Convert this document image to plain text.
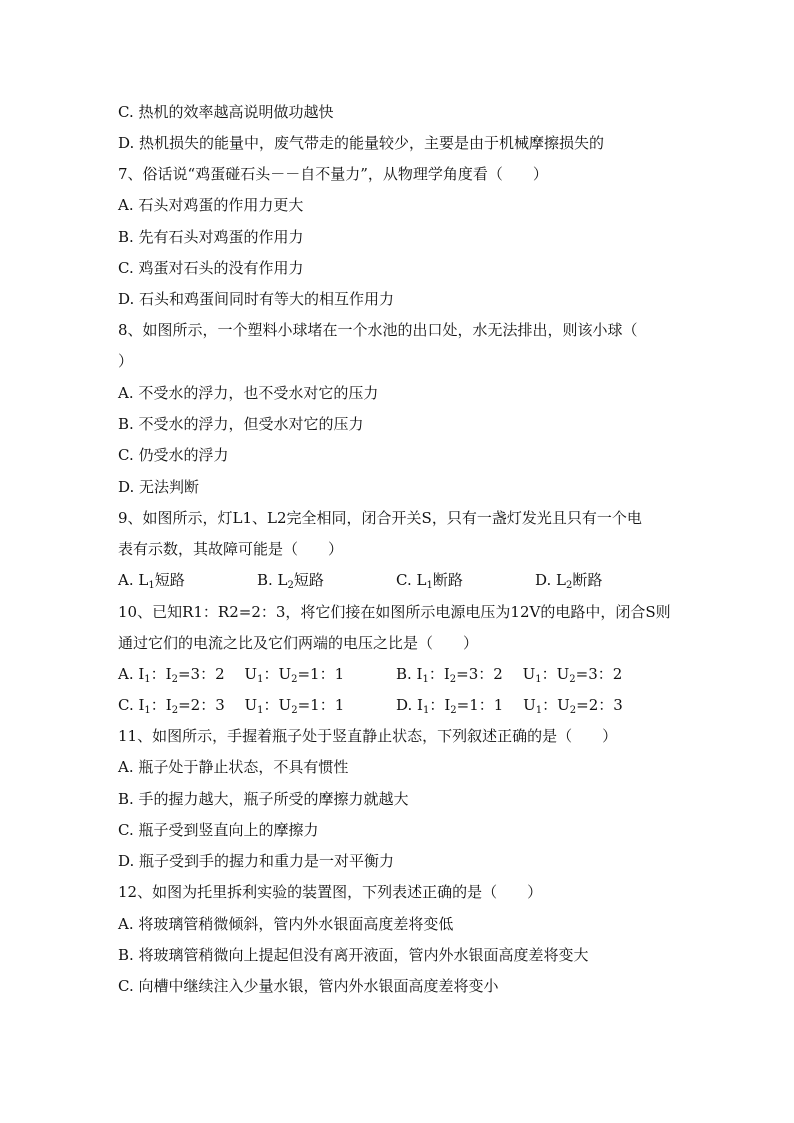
C. 热机的效率越高说明做功越快
D. 热机损失的能量中，废气带走的能量较少，主要是由于机械摩擦损失的
7、俗话说“鸡蛋碰石头－－自不量力”，从物理学角度看（　　）
A. 石头对鸡蛋的作用力更大
B. 先有石头对鸡蛋的作用力
C. 鸡蛋对石头的没有作用力
D. 石头和鸡蛋间同时有等大的相互作用力
8、如图所示，一个塑料小球堵在一个水池的出口处，水无法排出，则该小球（
）
A. 不受水的浮力，也不受水对它的压力
B. 不受水的浮力，但受水对它的压力
C. 仍受水的浮力
D. 无法判断
9、如图所示，灯L1、L2完全相同，闭合开关S，只有一盏灯发光且只有一个电
表有示数，其故障可能是（　　）
A. $L_1$短路	B. $L_2$短路	C. $L_1$断路	D. $L_2$断路
10、已知R1：R2=2：3，将它们接在如图所示电源电压为12V的电路中，闭合S则
通过它们的电流之比及它们两端的电压之比是（　　）
A. $I_1$：$I_2=3$：2　 $U_1$：$U_2=1$：1	B. $I_1$：$I_2=3$：2　 $U_1$：$U_2=3$：2
C. $I_1$：$I_2=2$：3　 $U_1$：$U_2=1$：1	D. $I_1$：$I_2=1$：1　 $U_1$：$U_2=2$：3
11、如图所示，手握着瓶子处于竖直静止状态，下列叙述正确的是（　　）
A. 瓶子处于静止状态，不具有惯性
B. 手的握力越大，瓶子所受的摩擦力就越大
C. 瓶子受到竖直向上的摩擦力
D. 瓶子受到手的握力和重力是一对平衡力
12、如图为托里拆利实验的装置图，下列表述正确的是（　　）
A. 将玻璃管稍微倾斜，管内外水银面高度差将变低
B. 将玻璃管稍微向上提起但没有离开液面，管内外水银面高度差将变大
C. 向槽中继续注入少量水银，管内外水银面高度差将变小
